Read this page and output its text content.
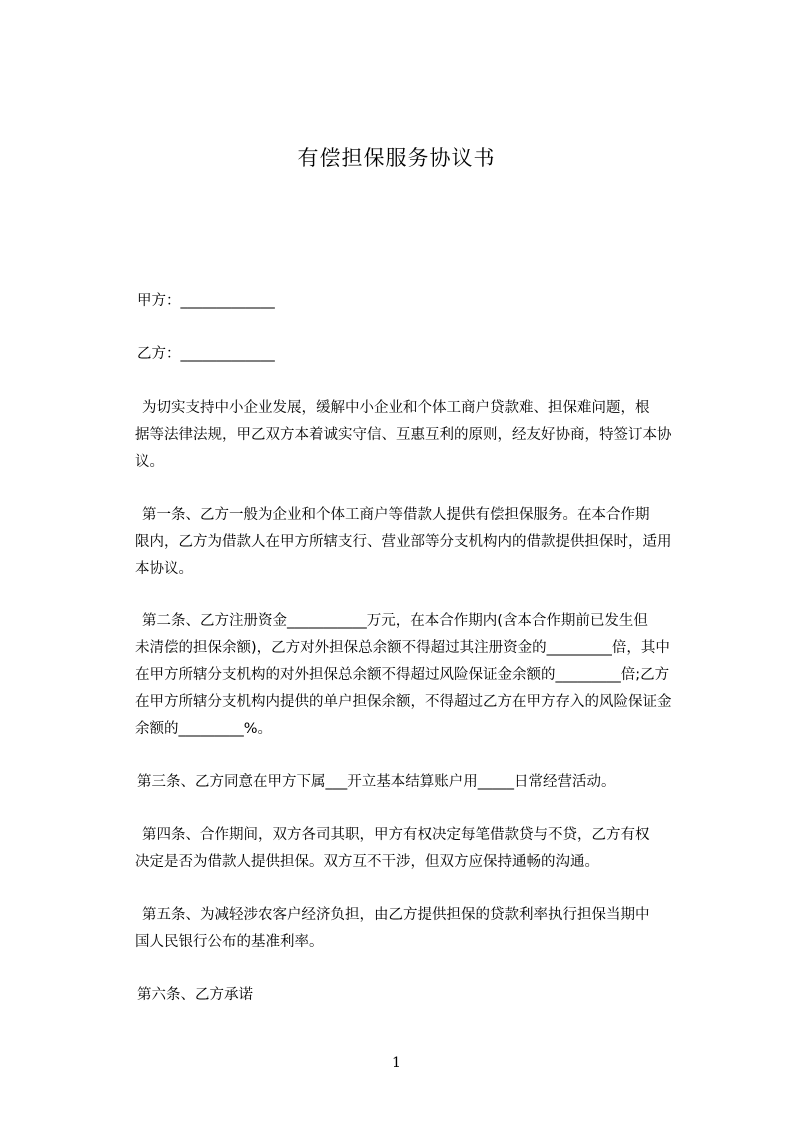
有偿担保服务协议书
甲方：_____________
乙方：_____________
为切实支持中小企业发展，缓解中小企业和个体工商户贷款难、担保难问题，根
据等法律法规，甲乙双方本着诚实守信、互惠互利的原则，经友好协商，特签订本协
议。
第一条、乙方一般为企业和个体工商户等借款人提供有偿担保服务。在本合作期
限内，乙方为借款人在甲方所辖支行、营业部等分支机构内的借款提供担保时，适用
本协议。
第二条、乙方注册资金___________万元，在本合作期内(含本合作期前已发生但
未清偿的担保余额)，乙方对外担保总余额不得超过其注册资金的_________倍，其中
在甲方所辖分支机构的对外担保总余额不得超过风险保证金余额的_________倍;乙方
在甲方所辖分支机构内提供的单户担保余额，不得超过乙方在甲方存入的风险保证金
余额的_________%。
第三条、乙方同意在甲方下属___开立基本结算账户用_____日常经营活动。
第四条、合作期间，双方各司其职，甲方有权决定每笔借款贷与不贷，乙方有权
决定是否为借款人提供担保。双方互不干涉，但双方应保持通畅的沟通。
第五条、为减轻涉农客户经济负担，由乙方提供担保的贷款利率执行担保当期中
国人民银行公布的基准利率。
第六条、乙方承诺
1
